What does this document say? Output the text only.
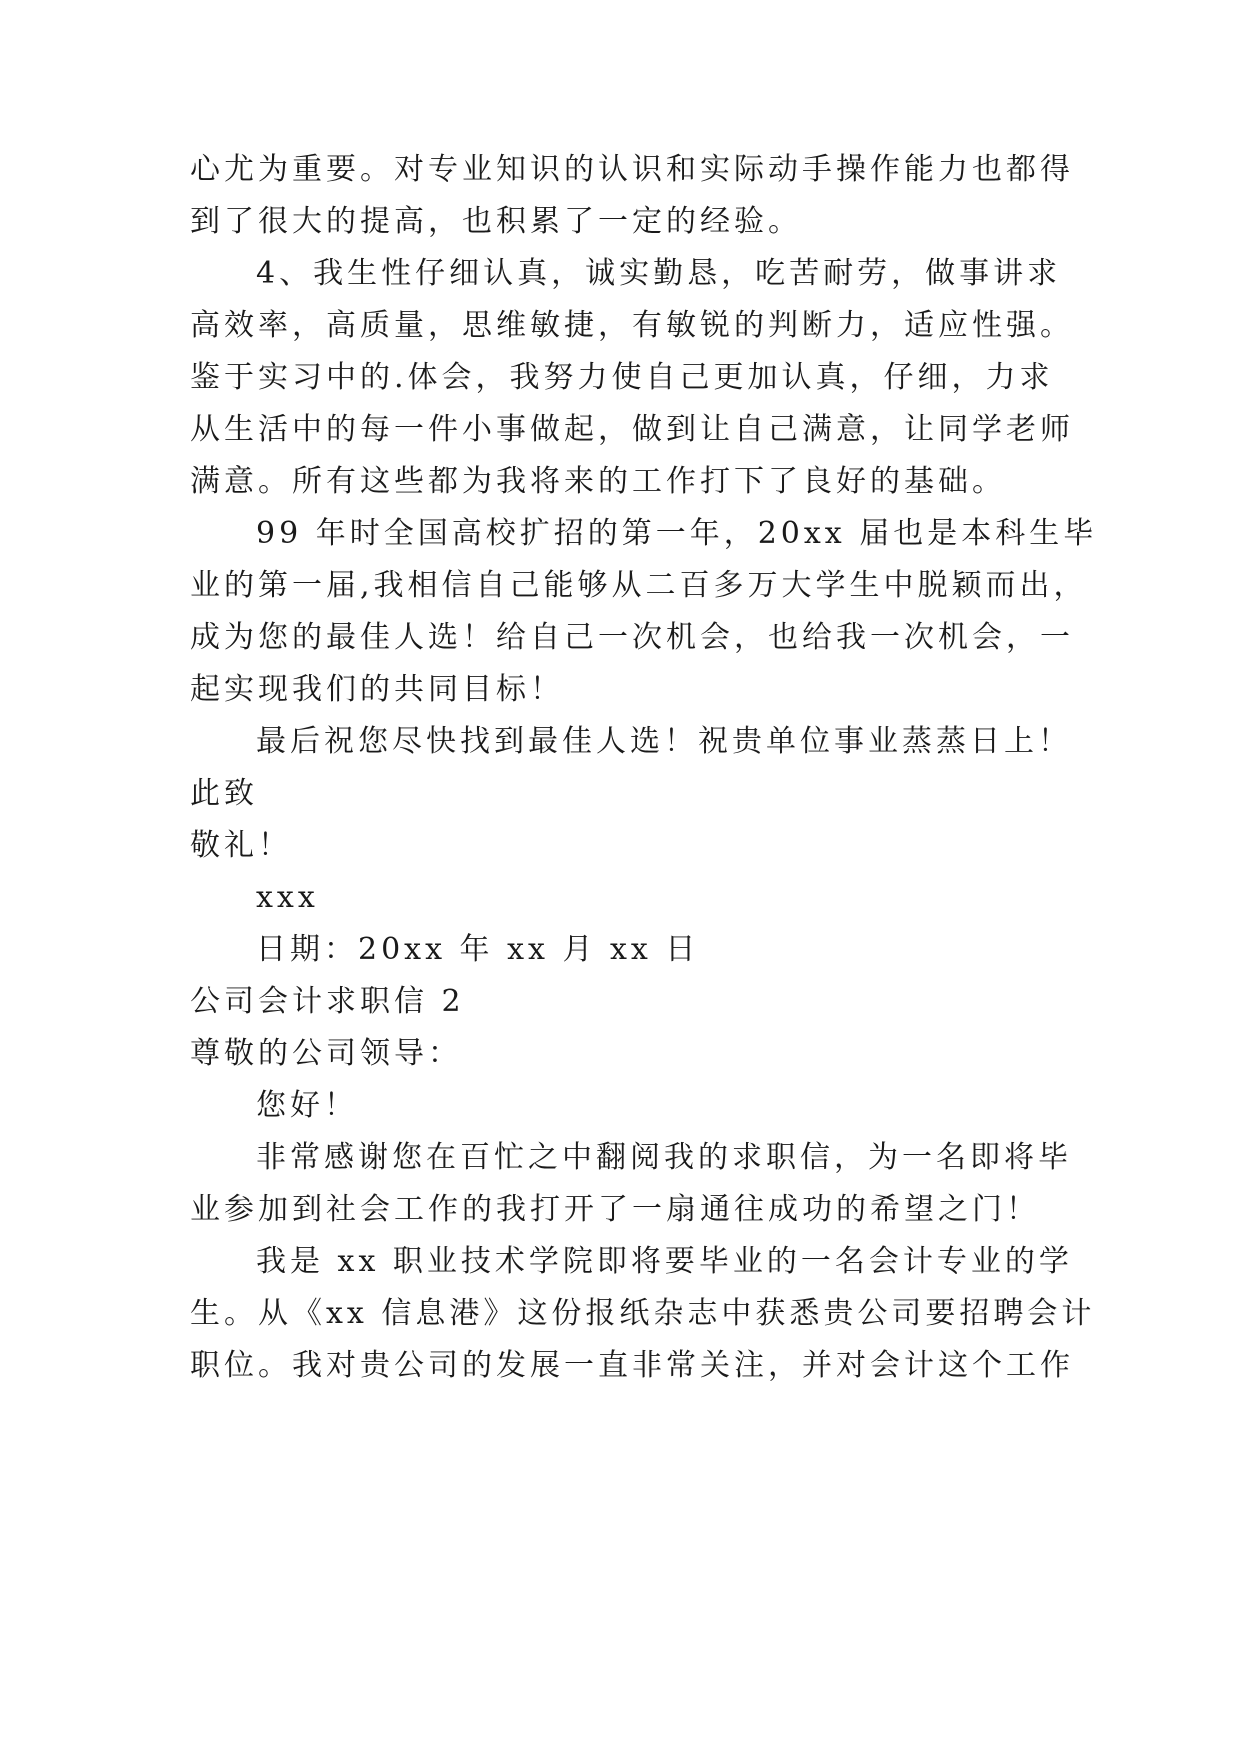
心尤为重要。对专业知识的认识和实际动手操作能力也都得
到了很大的提高，也积累了一定的经验。
4、我生性仔细认真，诚实勤恳，吃苦耐劳，做事讲求
高效率，高质量，思维敏捷，有敏锐的判断力，适应性强。
鉴于实习中的.体会，我努力使自己更加认真，仔细，力求
从生活中的每一件小事做起，做到让自己满意，让同学老师
满意。所有这些都为我将来的工作打下了良好的基础。
99 年时全国高校扩招的第一年，20xx 届也是本科生毕
业的第一届,我相信自己能够从二百多万大学生中脱颖而出，
成为您的最佳人选！给自己一次机会，也给我一次机会，一
起实现我们的共同目标！
最后祝您尽快找到最佳人选！祝贵单位事业蒸蒸日上！
此致
敬礼！
xxx
日期：20xx 年 xx 月 xx 日
公司会计求职信 2
尊敬的公司领导：
您好！
非常感谢您在百忙之中翻阅我的求职信，为一名即将毕
业参加到社会工作的我打开了一扇通往成功的希望之门！
我是 xx 职业技术学院即将要毕业的一名会计专业的学
生。从《xx 信息港》这份报纸杂志中获悉贵公司要招聘会计
职位。我对贵公司的发展一直非常关注，并对会计这个工作
